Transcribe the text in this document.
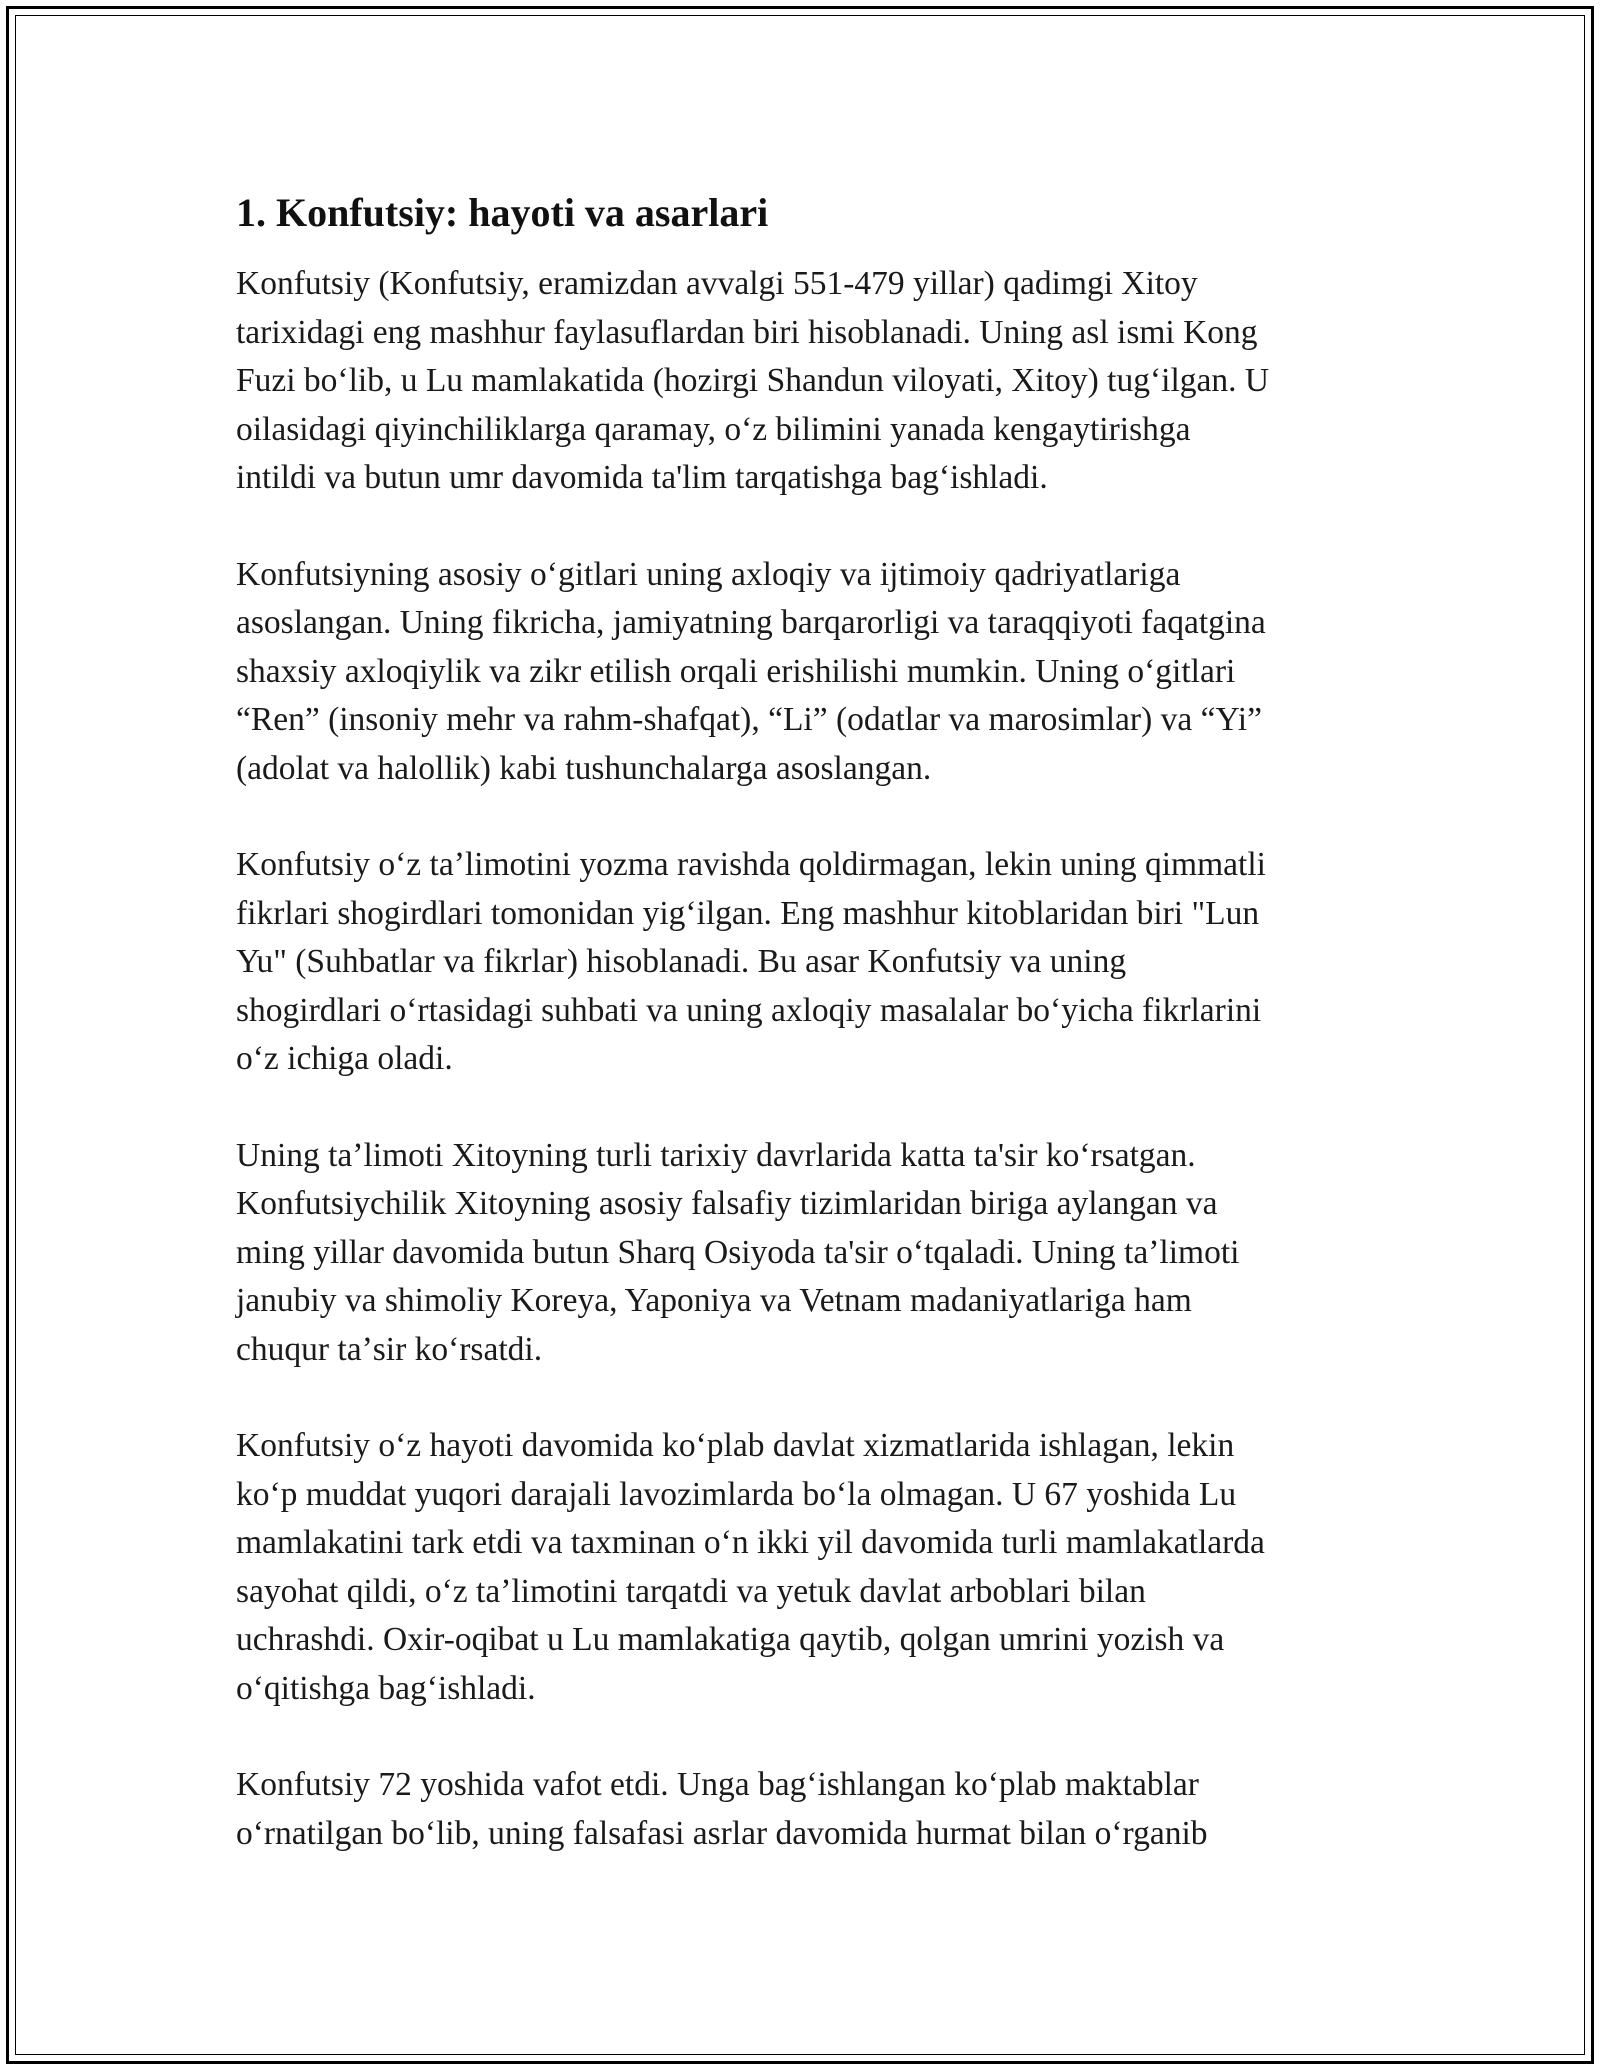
1. Konfutsiy: hayoti va asarlari

Konfutsiy (Konfutsiy, eramizdan avvalgi 551-479 yillar) qadimgi Xitoy
tarixidagi eng mashhur faylasuflardan biri hisoblanadi. Uning asl ismi Kong
Fuzi boʻlib, u Lu mamlakatida (hozirgi Shandun viloyati, Xitoy) tugʻilgan. U
oilasidagi qiyinchiliklarga qaramay, oʻz bilimini yanada kengaytirishga
intildi va butun umr davomida ta'lim tarqatishga bagʻishladi.

Konfutsiyning asosiy oʻgitlari uning axloqiy va ijtimoiy qadriyatlariga
asoslangan. Uning fikricha, jamiyatning barqarorligi va taraqqiyoti faqatgina
shaxsiy axloqiylik va zikr etilish orqali erishilishi mumkin. Uning oʻgitlari
“Ren” (insoniy mehr va rahm-shafqat), “Li” (odatlar va marosimlar) va “Yi”
(adolat va halollik) kabi tushunchalarga asoslangan.

Konfutsiy oʻz taʼlimotini yozma ravishda qoldirmagan, lekin uning qimmatli
fikrlari shogirdlari tomonidan yigʻilgan. Eng mashhur kitoblaridan biri "Lun
Yu" (Suhbatlar va fikrlar) hisoblanadi. Bu asar Konfutsiy va uning
shogirdlari oʻrtasidagi suhbati va uning axloqiy masalalar boʻyicha fikrlarini
oʻz ichiga oladi.

Uning taʼlimoti Xitoyning turli tarixiy davrlarida katta ta'sir koʻrsatgan.
Konfutsiychilik Xitoyning asosiy falsafiy tizimlaridan biriga aylangan va
ming yillar davomida butun Sharq Osiyoda ta'sir oʻtqaladi. Uning taʼlimoti
janubiy va shimoliy Koreya, Yaponiya va Vetnam madaniyatlariga ham
chuqur taʼsir koʻrsatdi.

Konfutsiy oʻz hayoti davomida koʻplab davlat xizmatlarida ishlagan, lekin
koʻp muddat yuqori darajali lavozimlarda boʻla olmagan. U 67 yoshida Lu
mamlakatini tark etdi va taxminan oʻn ikki yil davomida turli mamlakatlarda
sayohat qildi, oʻz taʼlimotini tarqatdi va yetuk davlat arboblari bilan
uchrashdi. Oxir-oqibat u Lu mamlakatiga qaytib, qolgan umrini yozish va
oʻqitishga bagʻishladi.

Konfutsiy 72 yoshida vafot etdi. Unga bagʻishlangan koʻplab maktablar
oʻrnatilgan boʻlib, uning falsafasi asrlar davomida hurmat bilan oʻrganib
